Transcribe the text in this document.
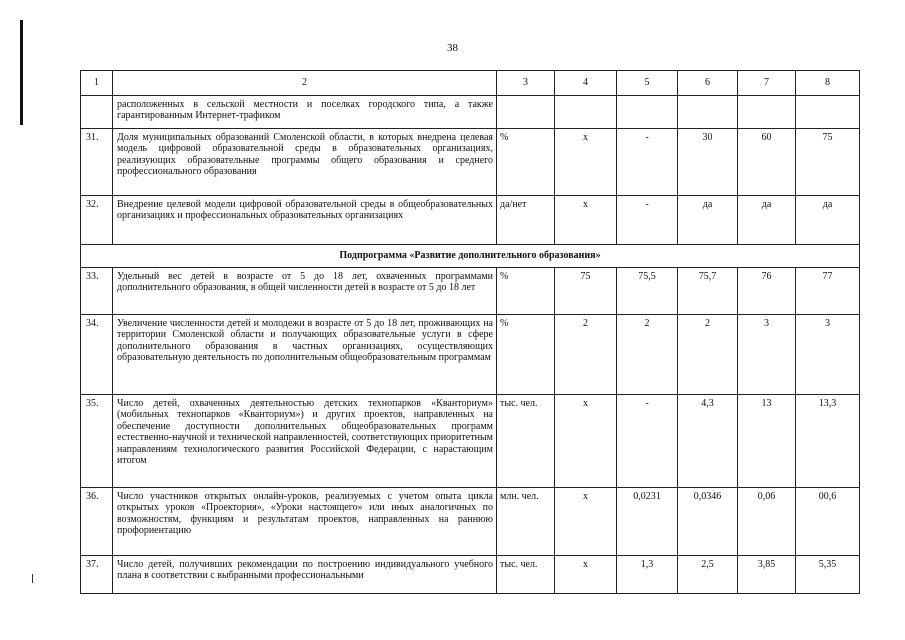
38
1	2	3	4	5	6	7	8
	расположенных в сельской местности и поселках городского типа, а также гарантированным Интернет-трафиком						
31.	Доля муниципальных образований Смоленской области, в которых внедрена целевая модель цифровой образовательной среды в образовательных организациях, реализующих образовательные программы общего образования и среднего профессионального образования	%	х	-	30	60	75
32.	Внедрение целевой модели цифровой образовательной среды в общеобразовательных организациях и профессиональных образовательных организациях	да/нет	х	-	да	да	да
Подпрограмма «Развитие дополнительного образования»							
33.	Удельный вес детей в возрасте от 5 до 18 лет, охваченных программами дополнительного образования, в общей численности детей в возрасте от 5 до 18 лет	%	75	75,5	75,7	76	77
34.	Увеличение численности детей и молодежи в возрасте от 5 до 18 лет, проживающих на территории Смоленской области и получающих образовательные услуги в сфере дополнительного образования в частных организациях, осуществляющих образовательную деятельность по дополнительным общеобразовательным программам	%	2	2	2	3	3
35.	Число детей, охваченных деятельностью детских технопарков «Кванториум» (мобильных технопарков «Кванториум») и других проектов, направленных на обеспечение доступности дополнительных общеобразовательных программ естественно-научной и технической направленностей, соответствующих приоритетным направлениям технологического развития Российской Федерации, с нарастающим итогом	тыс. чел.	х	-	4,3	13	13,3
36.	Число участников открытых онлайн-уроков, реализуемых с учетом опыта цикла открытых уроков «Проектория», «Уроки настоящего» или иных аналогичных по возможностям, функциям и результатам проектов, направленных на раннюю профориентацию	млн. чел.	х	0,0231	0,0346	0,06	00,6
37.	Число детей, получивших рекомендации по построению индивидуального учебного плана в соответствии с выбранными профессиональными	тыс. чел.	х	1,3	2,5	3,85	5,35
